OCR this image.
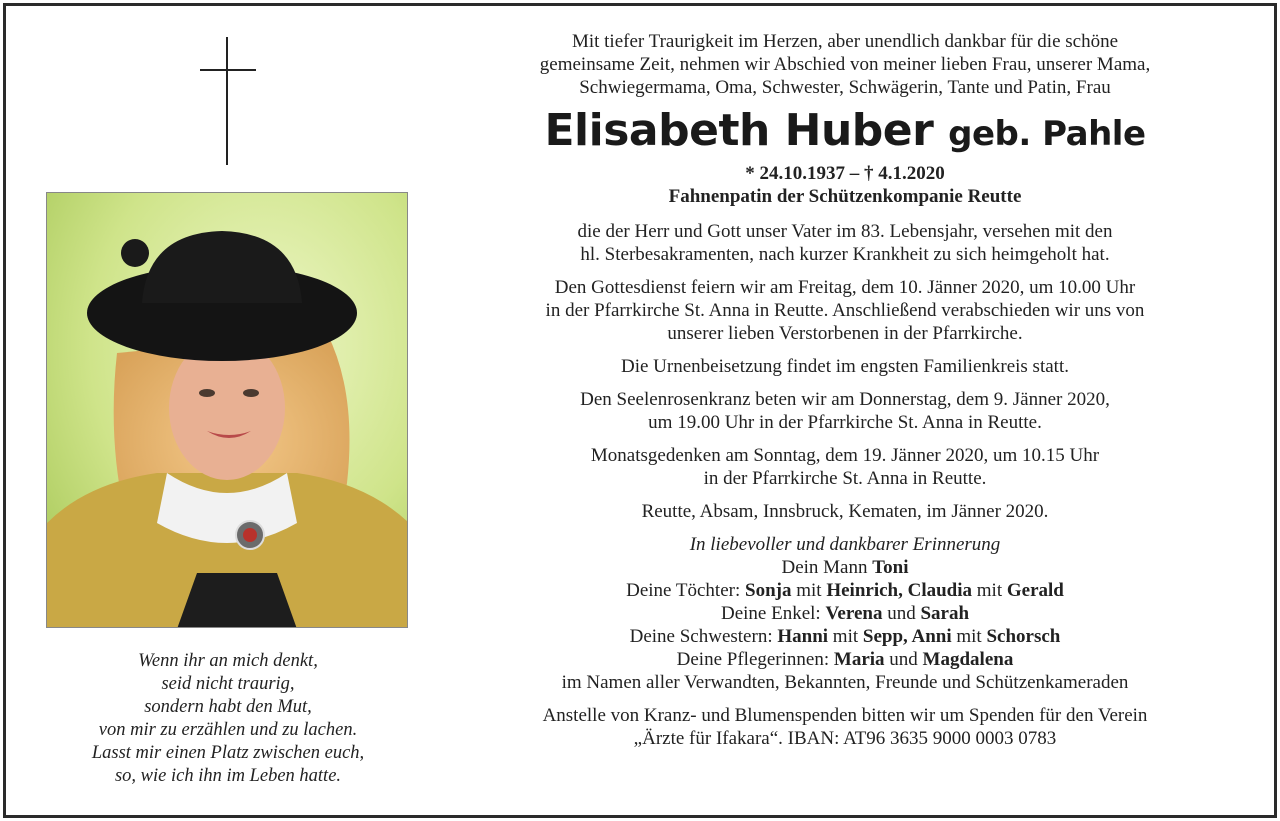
Wenn ihr an mich denkt,
seid nicht traurig,
sondern habt den Mut,
von mir zu erzählen und zu lachen.
Lasst mir einen Platz zwischen euch,
so, wie ich ihn im Leben hatte.
Mit tiefer Traurigkeit im Herzen, aber unendlich dankbar für die schöne
gemeinsame Zeit, nehmen wir Abschied von meiner lieben Frau, unserer Mama,
Schwiegermama, Oma, Schwester, Schwägerin, Tante und Patin, Frau
Elisabeth Huber geb. Pahle
* 24.10.1937 – † 4.1.2020
Fahnenpatin der Schützenkompanie Reutte
die der Herr und Gott unser Vater im 83. Lebensjahr, versehen mit den
hl. Sterbesakramenten, nach kurzer Krankheit zu sich heimgeholt hat.
Den Gottesdienst feiern wir am Freitag, dem 10. Jänner 2020, um 10.00 Uhr
in der Pfarrkirche St. Anna in Reutte. Anschließend verabschieden wir uns von
unserer lieben Verstorbenen in der Pfarrkirche.
Die Urnenbeisetzung findet im engsten Familienkreis statt.
Den Seelenrosenkranz beten wir am Donnerstag, dem 9. Jänner 2020,
um 19.00 Uhr in der Pfarrkirche St. Anna in Reutte.
Monatsgedenken am Sonntag, dem 19. Jänner 2020, um 10.15 Uhr
in der Pfarrkirche St. Anna in Reutte.
Reutte, Absam, Innsbruck, Kematen, im Jänner 2020.
In liebevoller und dankbarer Erinnerung
Dein Mann Toni
Deine Töchter: Sonja mit Heinrich, Claudia mit Gerald
Deine Enkel: Verena und Sarah
Deine Schwestern: Hanni mit Sepp, Anni mit Schorsch
Deine Pflegerinnen: Maria und Magdalena
im Namen aller Verwandten, Bekannten, Freunde und Schützenkameraden
Anstelle von Kranz- und Blumenspenden bitten wir um Spenden für den Verein
„Ärzte für Ifakara“. IBAN: AT96 3635 9000 0003 0783
